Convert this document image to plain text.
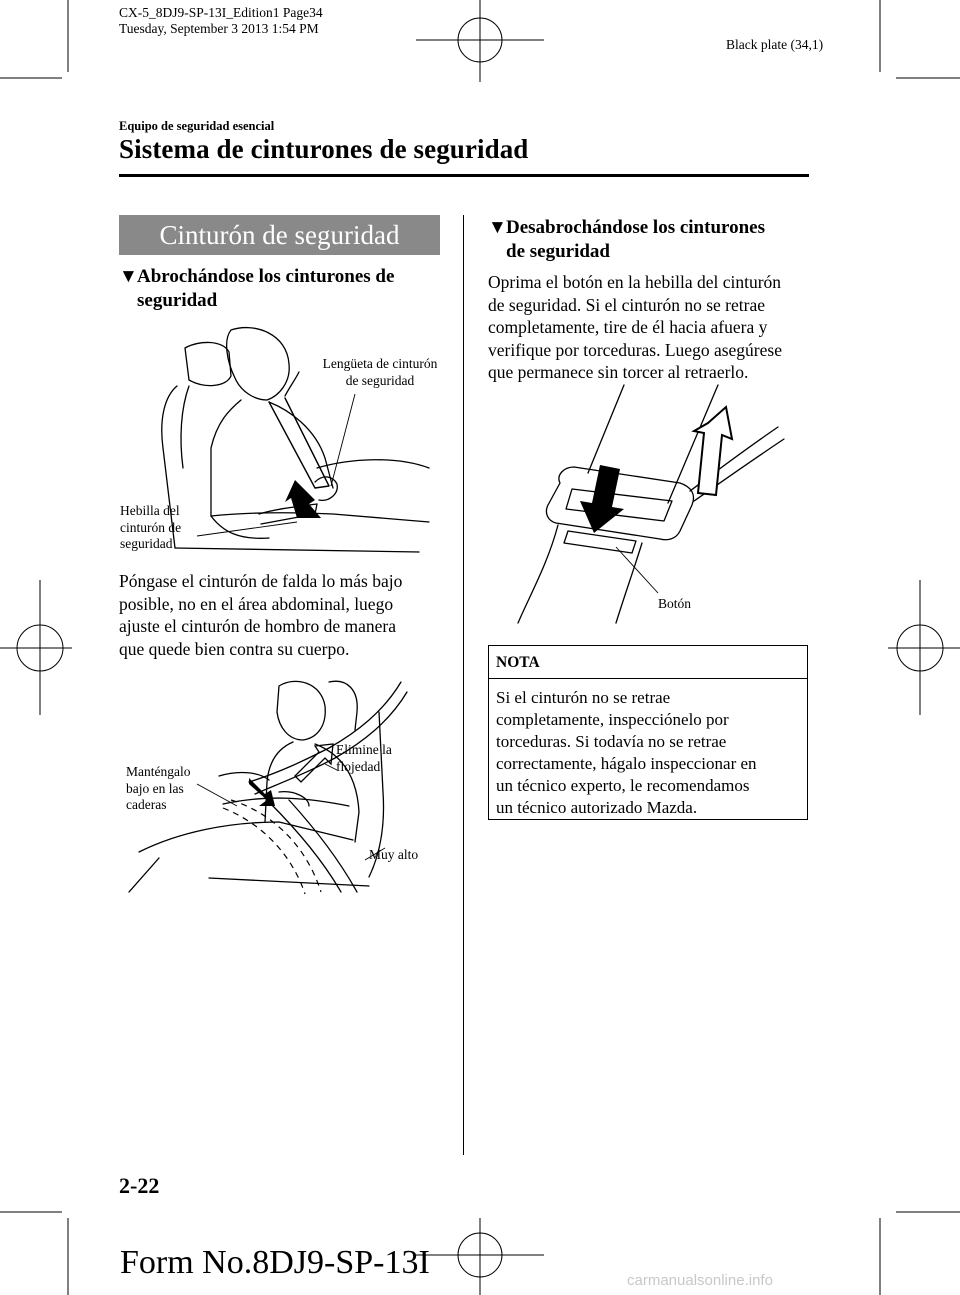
CX-5_8DJ9-SP-13I_Edition1 Page34
Tuesday, September 3 2013 1:54 PM
Black plate (34,1)
Equipo de seguridad esencial
Sistema de cinturones de seguridad
Cinturón de seguridad
▼Abrochándose los cinturones de
seguridad
Lengüeta de cinturón
de seguridad
Hebilla del
cinturón de
seguridad
Póngase el cinturón de falda lo más bajo
posible, no en el área abdominal, luego
ajuste el cinturón de hombro de manera
que quede bien contra su cuerpo.
Manténgalo
bajo en las
caderas
Elimine la
flojedad
Muy alto
▼Desabrochándose los cinturones
de seguridad
Oprima el botón en la hebilla del cinturón
de seguridad. Si el cinturón no se retrae
completamente, tire de él hacia afuera y
verifique por torceduras. Luego asegúrese
que permanece sin torcer al retraerlo.
Botón
NOTA
Si el cinturón no se retrae
completamente, inspecciónelo por
torceduras. Si todavía no se retrae
correctamente, hágalo inspeccionar en
un técnico experto, le recomendamos
un técnico autorizado Mazda.
2-22
Form No.8DJ9-SP-13I	carmanualsonline.info
